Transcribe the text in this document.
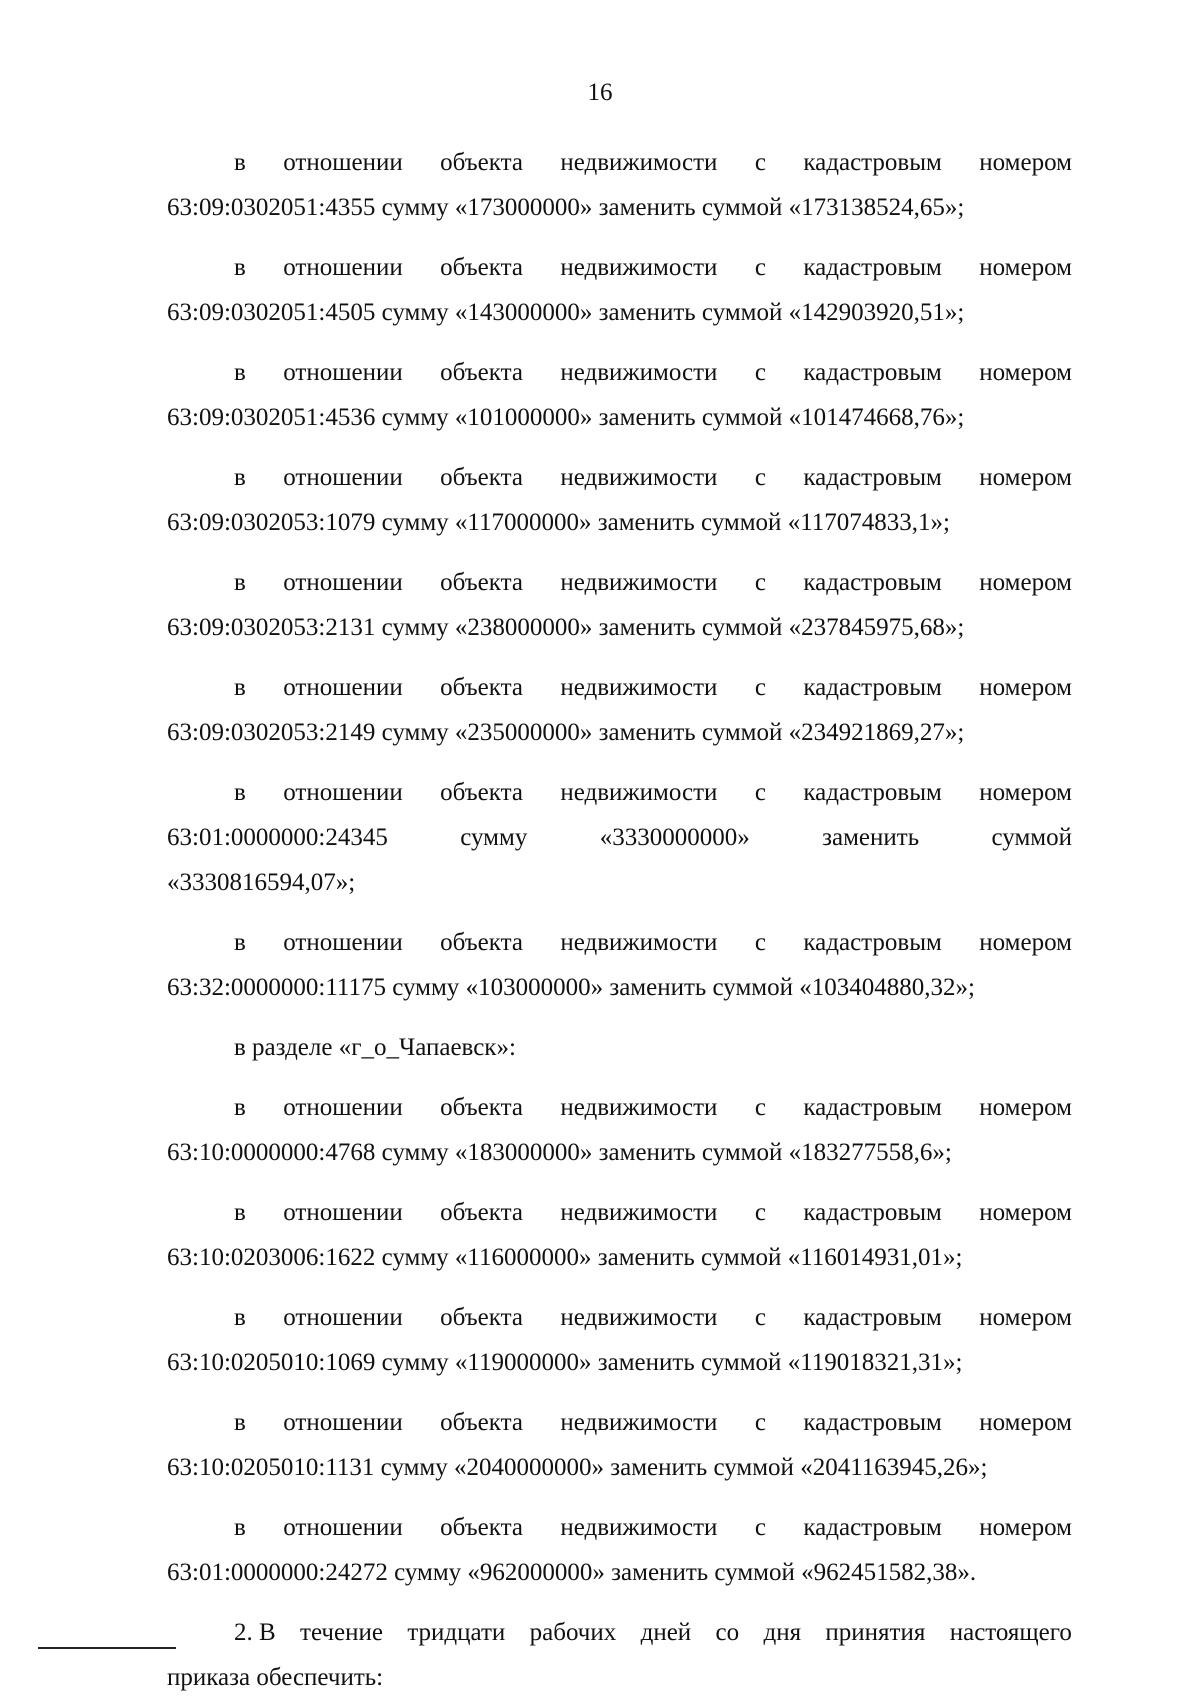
16
в отношении объекта недвижимости с кадастровым номером
63:09:0302051:4355 сумму «173000000» заменить суммой «173138524,65»;
в отношении объекта недвижимости с кадастровым номером
63:09:0302051:4505 сумму «143000000» заменить суммой «142903920,51»;
в отношении объекта недвижимости с кадастровым номером
63:09:0302051:4536 сумму «101000000» заменить суммой «101474668,76»;
в отношении объекта недвижимости с кадастровым номером
63:09:0302053:1079 сумму «117000000» заменить суммой «117074833,1»;
в отношении объекта недвижимости с кадастровым номером
63:09:0302053:2131 сумму «238000000» заменить суммой «237845975,68»;
в отношении объекта недвижимости с кадастровым номером
63:09:0302053:2149 сумму «235000000» заменить суммой «234921869,27»;
в отношении объекта недвижимости с кадастровым номером
63:01:0000000:24345	сумму	«3330000000»	заменить	суммой
«3330816594,07»;
в отношении объекта недвижимости с кадастровым номером
63:32:0000000:11175 сумму «103000000» заменить суммой «103404880,32»;
в разделе «г_о_Чапаевск»:
в отношении объекта недвижимости с кадастровым номером
63:10:0000000:4768 сумму «183000000» заменить суммой «183277558,6»;
в отношении объекта недвижимости с кадастровым номером
63:10:0203006:1622 сумму «116000000» заменить суммой «116014931,01»;
в отношении объекта недвижимости с кадастровым номером
63:10:0205010:1069 сумму «119000000» заменить суммой «119018321,31»;
в отношении объекта недвижимости с кадастровым номером
63:10:0205010:1131 сумму «2040000000» заменить суммой «2041163945,26»;
в отношении объекта недвижимости с кадастровым номером
63:01:0000000:24272 сумму «962000000» заменить суммой «962451582,38».
2. В течение тридцати рабочих дней со дня принятия настоящего
приказа обеспечить:
